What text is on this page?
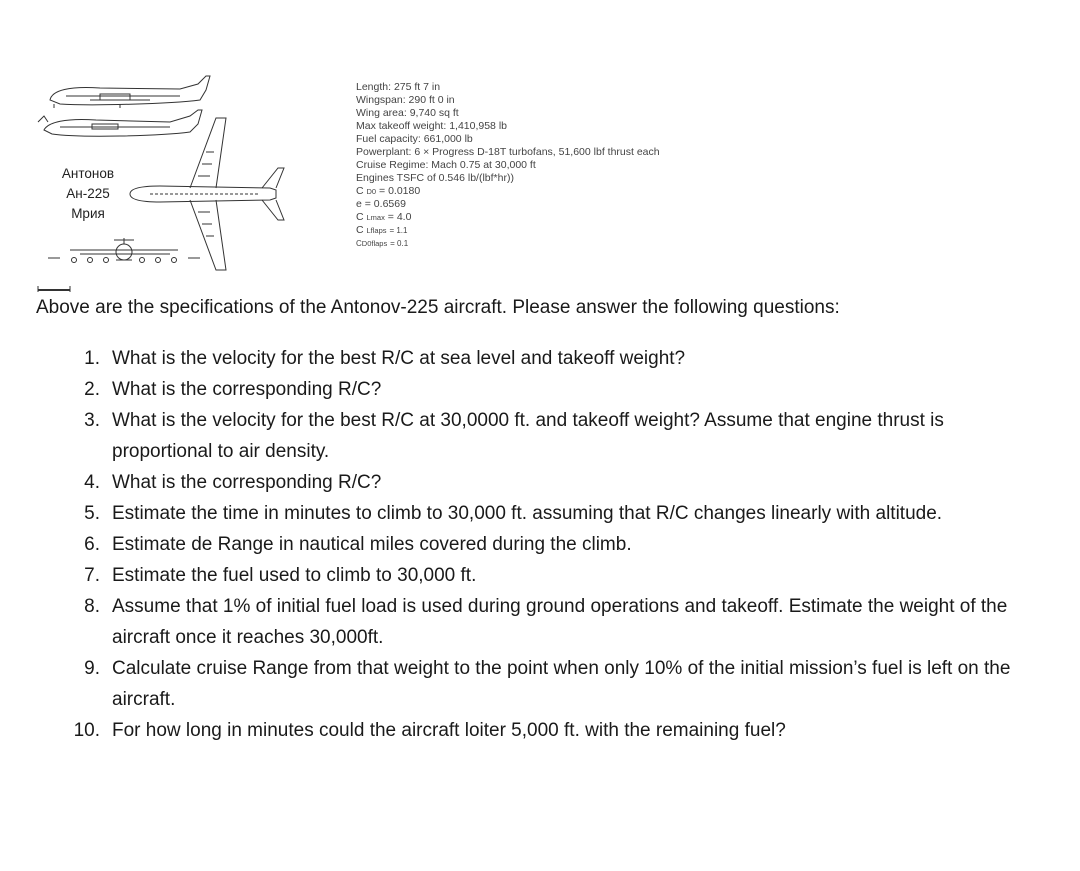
Антонов
Ан-225
Мрия
Length: 275 ft 7 in
Wingspan: 290 ft 0 in
Wing area: 9,740 sq ft
Max takeoff weight: 1,410,958 lb
Fuel capacity: 661,000 lb
Powerplant: 6 × Progress D-18T turbofans, 51,600 lbf thrust each
Cruise Regime: Mach 0.75 at 30,000 ft
Engines TSFC of 0.546 lb/(lbf*hr))
C D0 = 0.0180
e = 0.6569
C Lmax = 4.0
C Lflaps = 1.1
CD0flaps = 0.1
Above are the specifications of the Antonov-225 aircraft. Please answer the following questions:
1. What is the velocity for the best R/C at sea level and takeoff weight?
2. What is the corresponding R/C?
3. What is the velocity for the best R/C at 30,0000 ft. and takeoff weight? Assume that engine thrust is proportional to air density.
4. What is the corresponding R/C?
5. Estimate the time in minutes to climb to 30,000 ft. assuming that R/C changes linearly with altitude.
6. Estimate de Range in nautical miles covered during the climb.
7. Estimate the fuel used to climb to 30,000 ft.
8. Assume that 1% of initial fuel load is used during ground operations and takeoff. Estimate the weight of the aircraft once it reaches 30,000ft.
9. Calculate cruise Range from that weight to the point when only 10% of the initial mission’s fuel is left on the aircraft.
10. For how long in minutes could the aircraft loiter 5,000 ft. with the remaining fuel?
